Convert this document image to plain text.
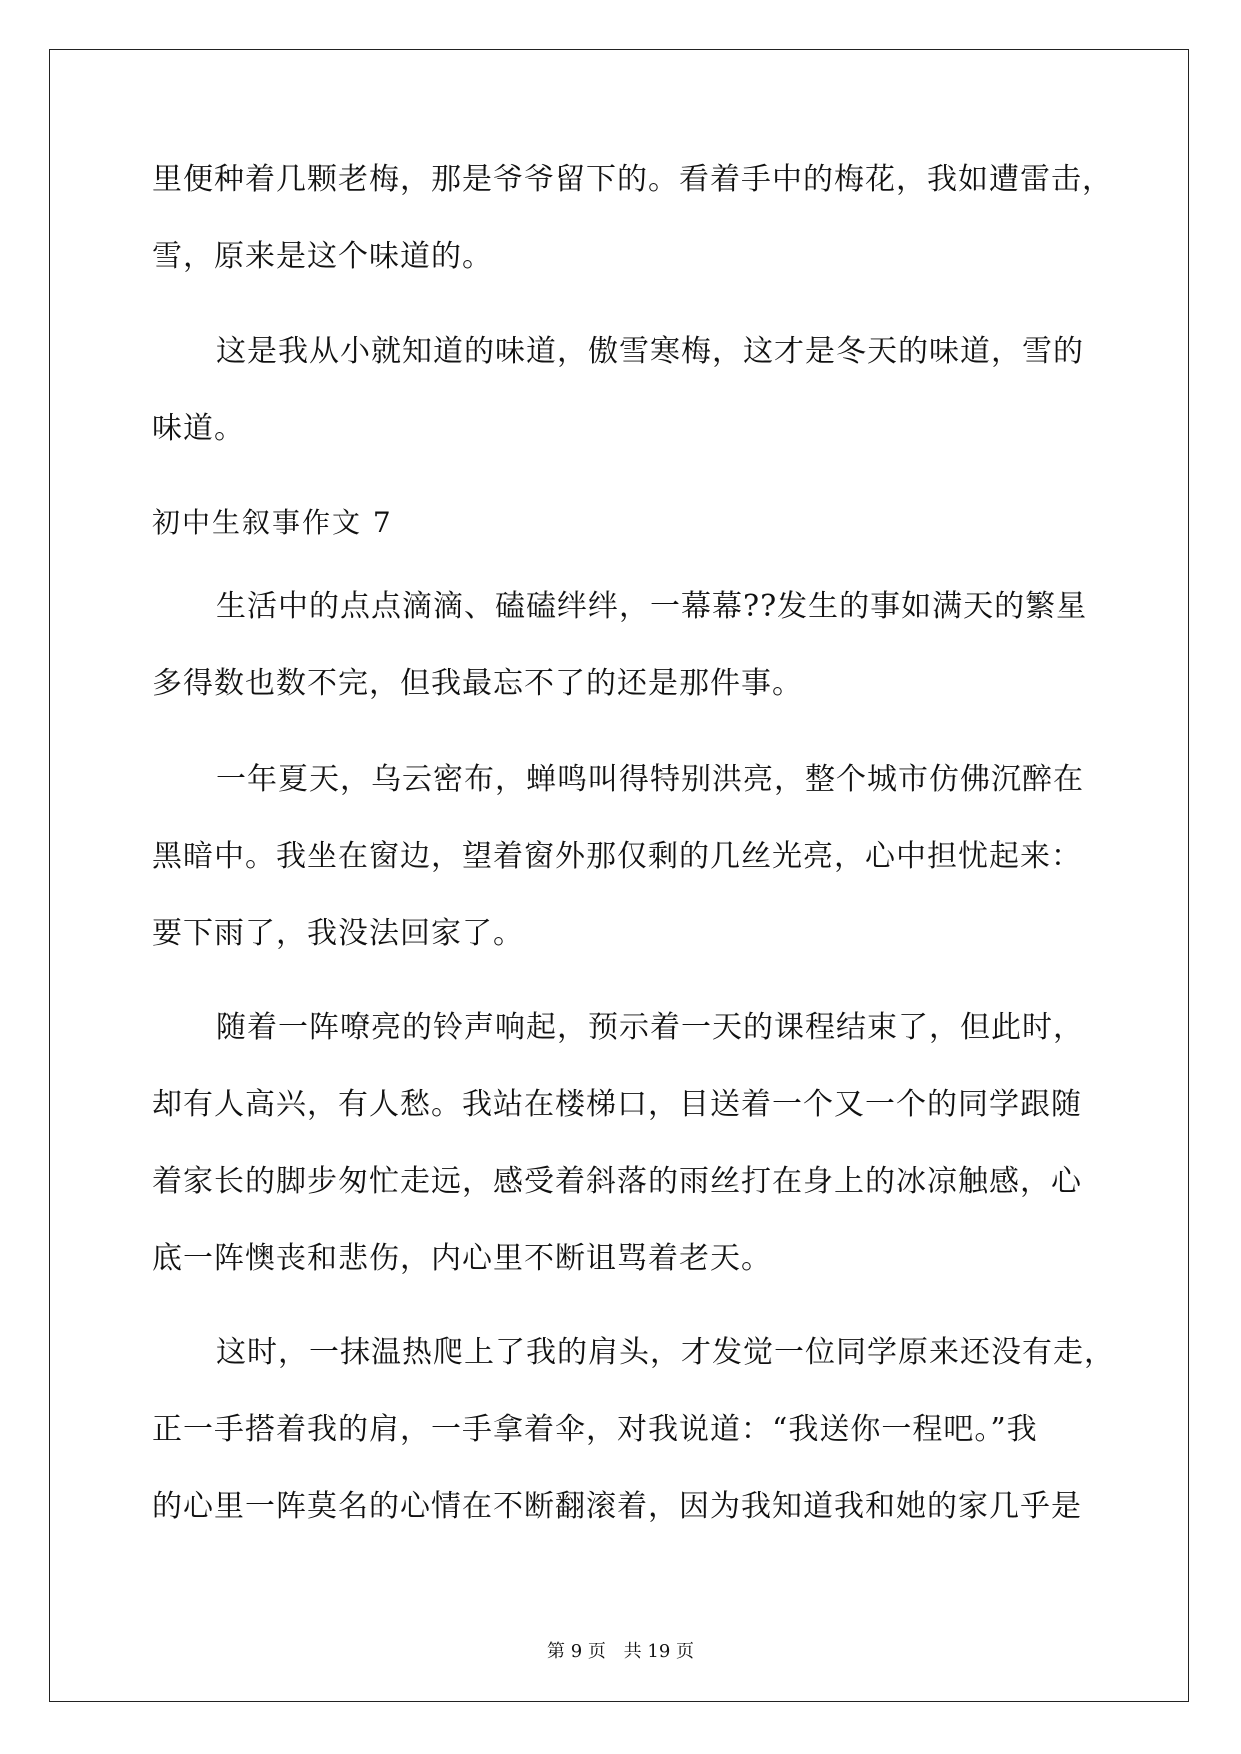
里便种着几颗老梅，那是爷爷留下的。看着手中的梅花，我如遭雷击，
雪，原来是这个味道的。
这是我从小就知道的味道，傲雪寒梅，这才是冬天的味道，雪的
味道。
初中生叙事作文 7
生活中的点点滴滴、磕磕绊绊，一幕幕??发生的事如满天的繁星
多得数也数不完，但我最忘不了的还是那件事。
一年夏天，乌云密布，蝉鸣叫得特别洪亮，整个城市仿佛沉醉在
黑暗中。我坐在窗边，望着窗外那仅剩的几丝光亮，心中担忧起来：
要下雨了，我没法回家了。
随着一阵嘹亮的铃声响起，预示着一天的课程结束了，但此时，
却有人高兴，有人愁。我站在楼梯口，目送着一个又一个的同学跟随
着家长的脚步匆忙走远，感受着斜落的雨丝打在身上的冰凉触感，心
底一阵懊丧和悲伤，内心里不断诅骂着老天。
这时，一抹温热爬上了我的肩头，才发觉一位同学原来还没有走，
正一手搭着我的肩，一手拿着伞，对我说道：“我送你一程吧。”我
的心里一阵莫名的心情在不断翻滚着，因为我知道我和她的家几乎是
第 9 页 共 19 页
